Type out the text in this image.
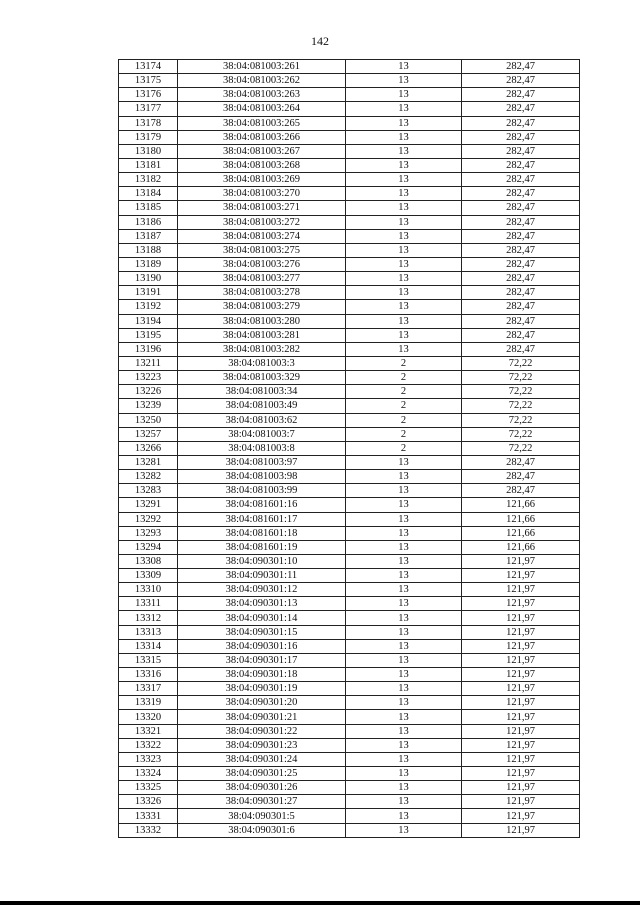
142
13174	38:04:081003:261	13	282,47
13175	38:04:081003:262	13	282,47
13176	38:04:081003:263	13	282,47
13177	38:04:081003:264	13	282,47
13178	38:04:081003:265	13	282,47
13179	38:04:081003:266	13	282,47
13180	38:04:081003:267	13	282,47
13181	38:04:081003:268	13	282,47
13182	38:04:081003:269	13	282,47
13184	38:04:081003:270	13	282,47
13185	38:04:081003:271	13	282,47
13186	38:04:081003:272	13	282,47
13187	38:04:081003:274	13	282,47
13188	38:04:081003:275	13	282,47
13189	38:04:081003:276	13	282,47
13190	38:04:081003:277	13	282,47
13191	38:04:081003:278	13	282,47
13192	38:04:081003:279	13	282,47
13194	38:04:081003:280	13	282,47
13195	38:04:081003:281	13	282,47
13196	38:04:081003:282	13	282,47
13211	38:04:081003:3	2	72,22
13223	38:04:081003:329	2	72,22
13226	38:04:081003:34	2	72,22
13239	38:04:081003:49	2	72,22
13250	38:04:081003:62	2	72,22
13257	38:04:081003:7	2	72,22
13266	38:04:081003:8	2	72,22
13281	38:04:081003:97	13	282,47
13282	38:04:081003:98	13	282,47
13283	38:04:081003:99	13	282,47
13291	38:04:081601:16	13	121,66
13292	38:04:081601:17	13	121,66
13293	38:04:081601:18	13	121,66
13294	38:04:081601:19	13	121,66
13308	38:04:090301:10	13	121,97
13309	38:04:090301:11	13	121,97
13310	38:04:090301:12	13	121,97
13311	38:04:090301:13	13	121,97
13312	38:04:090301:14	13	121,97
13313	38:04:090301:15	13	121,97
13314	38:04:090301:16	13	121,97
13315	38:04:090301:17	13	121,97
13316	38:04:090301:18	13	121,97
13317	38:04:090301:19	13	121,97
13319	38:04:090301:20	13	121,97
13320	38:04:090301:21	13	121,97
13321	38:04:090301:22	13	121,97
13322	38:04:090301:23	13	121,97
13323	38:04:090301:24	13	121,97
13324	38:04:090301:25	13	121,97
13325	38:04:090301:26	13	121,97
13326	38:04:090301:27	13	121,97
13331	38:04:090301:5	13	121,97
13332	38:04:090301:6	13	121,97
